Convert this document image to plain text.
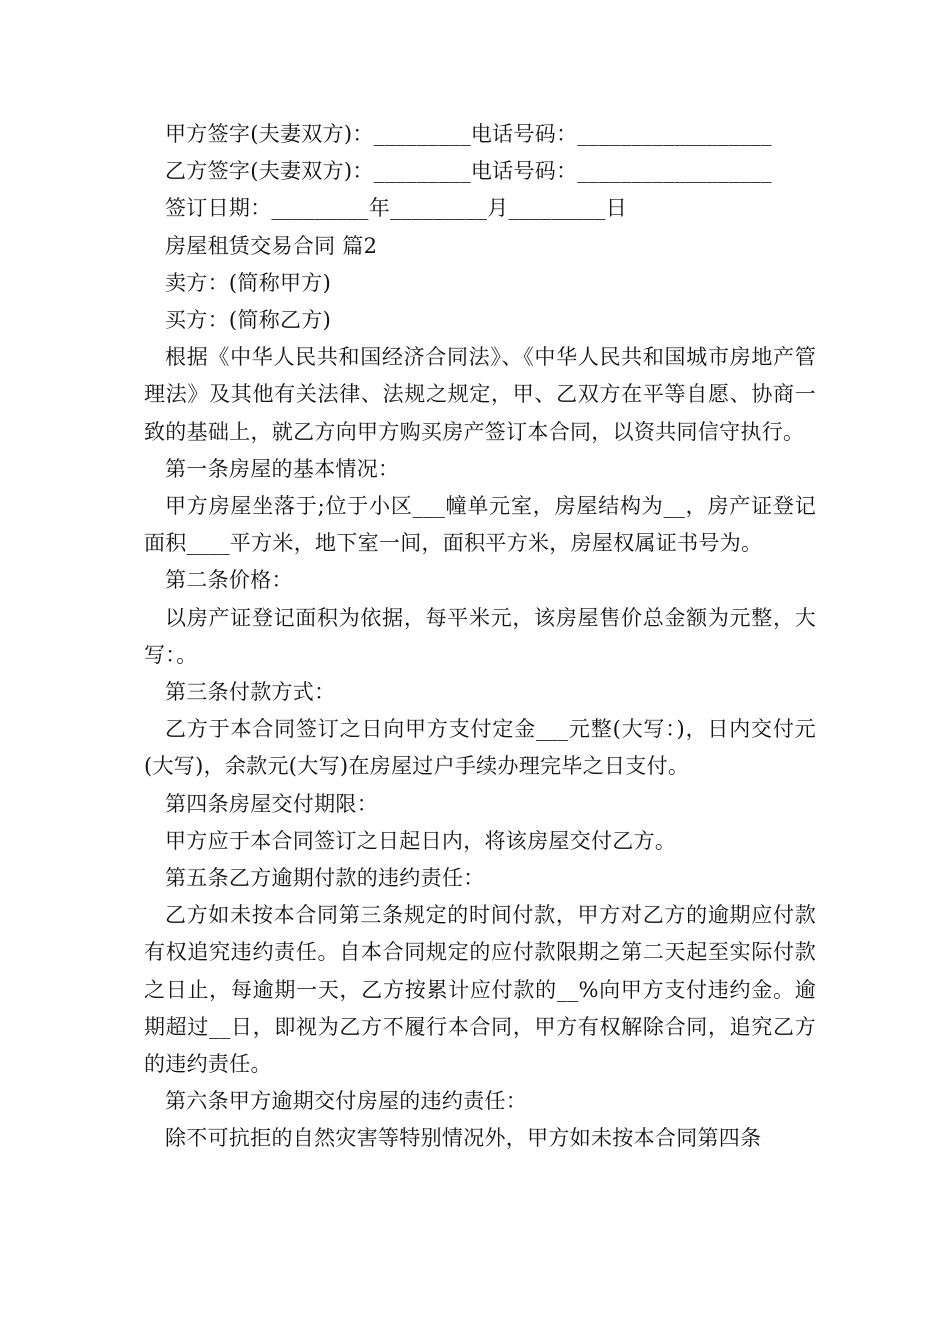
甲方签字(夫妻双方)：_________电话号码：__________________
乙方签字(夫妻双方)：_________电话号码：__________________
签订日期：_________年_________月_________日
房屋租赁交易合同 篇2
卖方：(简称甲方)
买方：(简称乙方)
根据《中华人民共和国经济合同法》、《中华人民共和国城市房地产管理法》及其他有关法律、法规之规定，甲、乙双方在平等自愿、协商一致的基础上，就乙方向甲方购买房产签订本合同，以资共同信守执行。
第一条房屋的基本情况：
甲方房屋坐落于;位于小区___幢单元室，房屋结构为__，房产证登记面积____平方米，地下室一间，面积平方米，房屋权属证书号为。
第二条价格：
以房产证登记面积为依据，每平米元，该房屋售价总金额为元整，大写：。
第三条付款方式：
乙方于本合同签订之日向甲方支付定金___元整(大写：)，日内交付元(大写)，余款元(大写)在房屋过户手续办理完毕之日支付。
第四条房屋交付期限：
甲方应于本合同签订之日起日内，将该房屋交付乙方。
第五条乙方逾期付款的违约责任：
乙方如未按本合同第三条规定的时间付款，甲方对乙方的逾期应付款有权追究违约责任。自本合同规定的应付款限期之第二天起至实际付款之日止，每逾期一天，乙方按累计应付款的__%向甲方支付违约金。逾期超过__日，即视为乙方不履行本合同，甲方有权解除合同，追究乙方的违约责任。
第六条甲方逾期交付房屋的违约责任：
除不可抗拒的自然灾害等特别情况外，甲方如未按本合同第四条
